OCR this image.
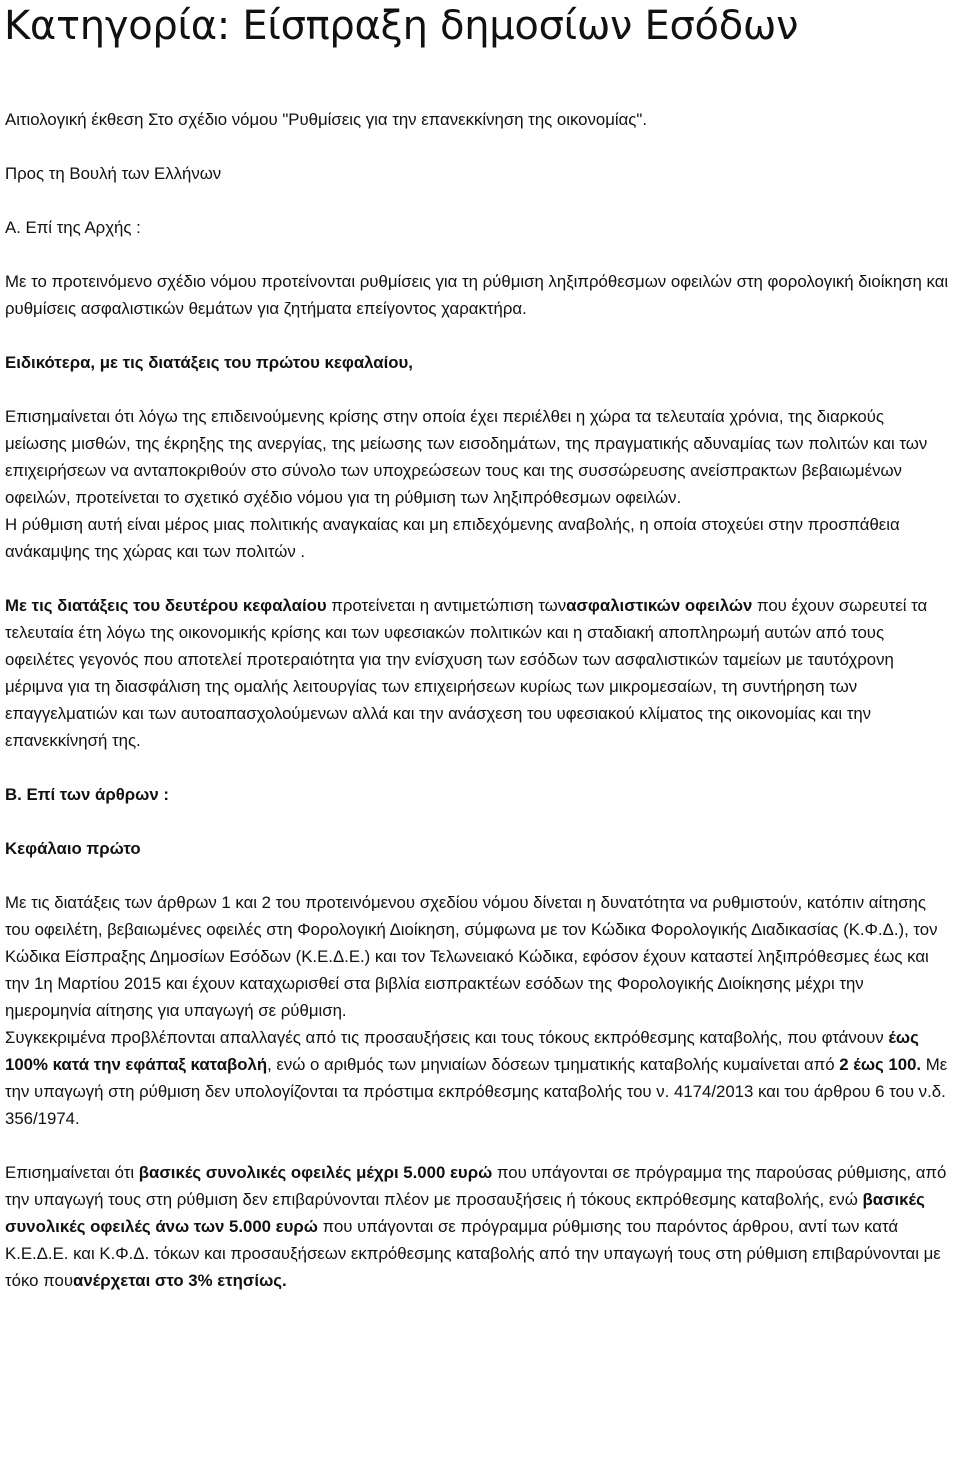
Κατηγορία: Είσπραξη δημοσίων Εσόδων

Αιτιολογική έκθεση Στο σχέδιο νόμου "Ρυθμίσεις για την επανεκκίνηση της οικονομίας".

Προς τη Βουλή των Ελλήνων

Α. Επί της Αρχής :

Με το προτεινόμενο σχέδιο νόμου προτείνονται ρυθμίσεις για τη ρύθμιση ληξιπρόθεσμων οφειλών στη φορολογική διοίκηση και ρυθμίσεις ασφαλιστικών θεμάτων για ζητήματα επείγοντος χαρακτήρα.

Ειδικότερα, με τις διατάξεις του πρώτου κεφαλαίου,

Επισημαίνεται ότι λόγω της επιδεινούμενης κρίσης στην οποία έχει περιέλθει η χώρα τα τελευταία χρόνια, της διαρκούς μείωσης μισθών, της έκρηξης της ανεργίας, της μείωσης των εισοδημάτων, της πραγματικής αδυναμίας των πολιτών και των επιχειρήσεων να ανταποκριθούν στο σύνολο των υποχρεώσεων τους και της συσσώρευσης ανείσπρακτων βεβαιωμένων οφειλών, προτείνεται το σχετικό σχέδιο νόμου για τη ρύθμιση των ληξιπρόθεσμων οφειλών.

Η ρύθμιση αυτή είναι μέρος μιας πολιτικής αναγκαίας και μη επιδεχόμενης αναβολής, η οποία στοχεύει στην προσπάθεια ανάκαμψης της χώρας και των πολιτών .

Με τις διατάξεις του δευτέρου κεφαλαίου προτείνεται η αντιμετώπιση τωνασφαλιστικών οφειλών που έχουν σωρευτεί τα τελευταία έτη λόγω της οικονομικής κρίσης και των υφεσιακών πολιτικών και η σταδιακή αποπληρωμή αυτών από τους οφειλέτες γεγονός που αποτελεί προτεραιότητα για την ενίσχυση των εσόδων των ασφαλιστικών ταμείων με ταυτόχρονη μέριμνα για τη διασφάλιση της ομαλής λειτουργίας των επιχειρήσεων κυρίως των μικρομεσαίων, τη συντήρηση των επαγγελματιών και των αυτοαπασχολούμενων αλλά και την ανάσχεση του υφεσιακού κλίματος της οικονομίας και την επανεκκίνησή της.

Β. Επί των άρθρων :

Κεφάλαιο πρώτο

Με τις διατάξεις των άρθρων 1 και 2 του προτεινόμενου σχεδίου νόμου δίνεται η δυνατότητα να ρυθμιστούν, κατόπιν αίτησης του οφειλέτη, βεβαιωμένες οφειλές στη Φορολογική Διοίκηση, σύμφωνα με τον Κώδικα Φορολογικής Διαδικασίας (Κ.Φ.Δ.), τον Κώδικα Είσπραξης Δημοσίων Εσόδων (Κ.Ε.Δ.Ε.) και τον Τελωνειακό Κώδικα, εφόσον έχουν καταστεί ληξιπρόθεσμες έως και την 1η Μαρτίου 2015 και έχουν καταχωρισθεί στα βιβλία εισπρακτέων εσόδων της Φορολογικής Διοίκησης μέχρι την ημερομηνία αίτησης για υπαγωγή σε ρύθμιση.

Συγκεκριμένα προβλέπονται απαλλαγές από τις προσαυξήσεις και τους τόκους εκπρόθεσμης καταβολής, που φτάνουν έως 100% κατά την εφάπαξ καταβολή, ενώ ο αριθμός των μηνιαίων δόσεων τμηματικής καταβολής κυμαίνεται από 2 έως 100. Με την υπαγωγή στη ρύθμιση δεν υπολογίζονται τα πρόστιμα εκπρόθεσμης καταβολής του ν. 4174/2013 και του άρθρου 6 του ν.δ. 356/1974.

Επισημαίνεται ότι βασικές συνολικές οφειλές μέχρι 5.000 ευρώ που υπάγονται σε πρόγραμμα της παρούσας ρύθμισης, από την υπαγωγή τους στη ρύθμιση δεν επιβαρύνονται πλέον με προσαυξήσεις ή τόκους εκπρόθεσμης καταβολής, ενώ βασικές συνολικές οφειλές άνω των 5.000 ευρώ που υπάγονται σε πρόγραμμα ρύθμισης του παρόντος άρθρου, αντί των κατά Κ.Ε.Δ.Ε. και Κ.Φ.Δ. τόκων και προσαυξήσεων εκπρόθεσμης καταβολής από την υπαγωγή τους στη ρύθμιση επιβαρύνονται με τόκο πουανέρχεται στο 3% ετησίως.
